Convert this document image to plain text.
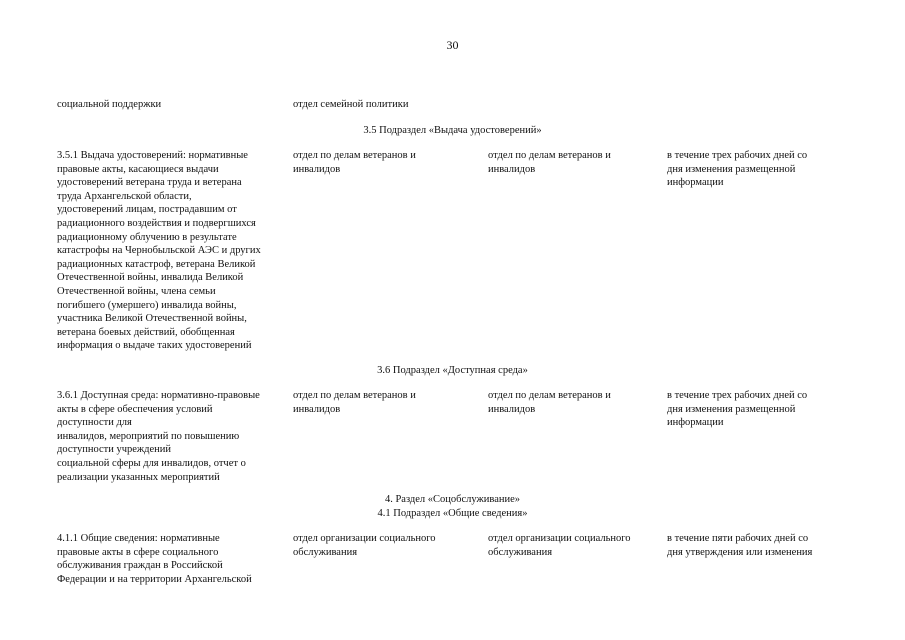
30
социальной поддержки	отдел семейной политики
3.5 Подраздел «Выдача удостоверений»
3.5.1 Выдача удостоверений: нормативные
правовые акты, касающиеся выдачи
удостоверений ветерана труда и ветерана
труда Архангельской области,
удостоверений лицам, пострадавшим от
радиационного воздействия и подвергшихся
радиационному облучению в результате
катастрофы на Чернобыльской АЭС и других
радиационных катастроф, ветерана Великой
Отечественной войны, инвалида Великой
Отечественной войны, члена семьи
погибшего (умершего) инвалида войны,
участника Великой Отечественной войны,
ветерана боевых действий, обобщенная
информация о выдаче таких удостоверений
отдел по делам ветеранов и
инвалидов
отдел по делам ветеранов и
инвалидов
в течение трех рабочих дней со
дня изменения размещенной
информации
3.6 Подраздел «Доступная среда»
3.6.1 Доступная среда: нормативно-правовые
акты в сфере обеспечения условий
доступности для
инвалидов, мероприятий по повышению
доступности учреждений
социальной сферы для инвалидов, отчет о
реализации указанных мероприятий
отдел по делам ветеранов и
инвалидов
отдел по делам ветеранов и
инвалидов
в течение трех рабочих дней со
дня изменения размещенной
информации
4. Раздел «Соцобслуживание»
4.1 Подраздел «Общие сведения»
4.1.1 Общие сведения: нормативные
правовые акты в сфере социального
обслуживания граждан в Российской
Федерации и на территории Архангельской
отдел организации социального
обслуживания
отдел организации социального
обслуживания
в течение пяти рабочих дней со
дня утверждения или изменения
